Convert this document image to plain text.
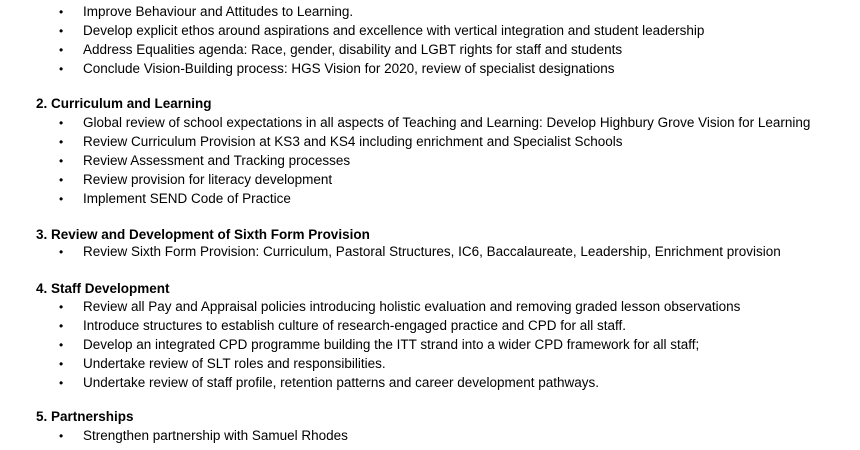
• Improve Behaviour and Attitudes to Learning.
• Develop explicit ethos around aspirations and excellence with vertical integration and student leadership
• Address Equalities agenda: Race, gender, disability and LGBT rights for staff and students
• Conclude Vision-Building process: HGS Vision for 2020, review of specialist designations
2. Curriculum and Learning
• Global review of school expectations in all aspects of Teaching and Learning: Develop Highbury Grove Vision for Learning
• Review Curriculum Provision at KS3 and KS4 including enrichment and Specialist Schools
• Review Assessment and Tracking processes
• Review provision for literacy development
• Implement SEND Code of Practice
3. Review and Development of Sixth Form Provision
• Review Sixth Form Provision: Curriculum, Pastoral Structures, IC6, Baccalaureate, Leadership, Enrichment provision
4. Staff Development
• Review all Pay and Appraisal policies introducing holistic evaluation and removing graded lesson observations
• Introduce structures to establish culture of research-engaged practice and CPD for all staff.
• Develop an integrated CPD programme building the ITT strand into a wider CPD framework for all staff;
• Undertake review of SLT roles and responsibilities.
• Undertake review of staff profile, retention patterns and career development pathways.
5. Partnerships
• Strengthen partnership with Samuel Rhodes
